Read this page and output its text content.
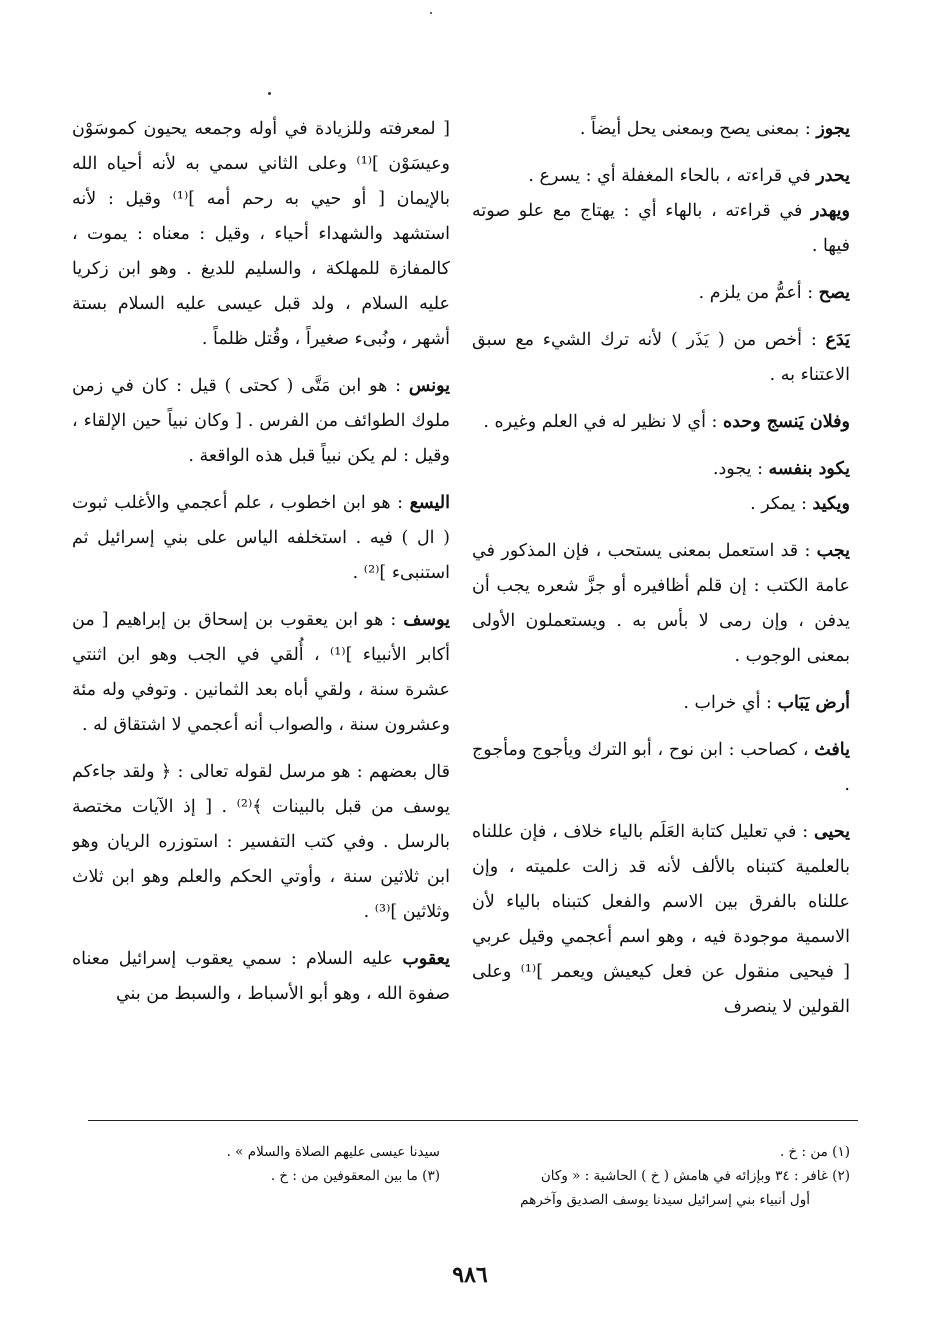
يجوز : بمعنى يصح وبمعنى يحل أيضاً .

يحدر في قراءته ، بالحاء المغفلة أي : يسرع .

ويهدر في قراءته ، بالهاء أي : يهتاج مع علو صوته فيها .

يصح : أعمُّ من يلزم .

يَدَع : أخص من ( يَذَر ) لأنه ترك الشيء مع سبق الاعتناء به .

وفلان يَنسج وحده : أي لا نظير له في العلم وغيره .

يكود بنفسه : يجود.

ويكيد : يمكر .

يجب : قد استعمل بمعنى يستحب ، فإن المذكور في عامة الكتب : إن قلم أظافيره أو جزَّ شعره يجب أن يدفن ، وإن رمى لا بأس به . ويستعملون الأولى بمعنى الوجوب .

أرض يَبَاب : أي خراب .

يافث ، كصاحب : ابن نوح ، أبو الترك ويأجوج ومأجوج .

يحيى : في تعليل كتابة العَلَم بالياء خلاف ، فإن عللناه بالعلمية كتبناه بالألف لأنه قد زالت علميته ، وإن عللناه بالفرق بين الاسم والفعل كتبناه بالياء لأن الاسمية موجودة فيه ، وهو اسم أعجمي وقيل عربي [ فيحيى منقول عن فعل كيعيش ويعمر ]⁽¹⁾ وعلى القولين لا ينصرف

[ لمعرفته وللزيادة في أوله وجمعه يحيون كموسَوْن وعيسَوْن ]⁽¹⁾ وعلى الثاني سمي به لأنه أحياه الله بالإيمان [ أو حيي به رحم أمه ]⁽¹⁾ وقيل : لأنه استشهد والشهداء أحياء ، وقيل : معناه : يموت ، كالمفازة للمهلكة ، والسليم للديغ . وهو ابن زكريا عليه السلام ، ولد قبل عيسى عليه السلام بستة أشهر ، ونُبىء صغيراً ، وقُتل ظلماً .

يونس : هو ابن مَتَّى ( كحتى ) قيل : كان في زمن ملوك الطوائف من الفرس . [ وكان نبياً حين الإلقاء ، وقيل : لم يكن نبياً قبل هذه الواقعة .

اليسع : هو ابن اخطوب ، علم أعجمي والأغلب ثبوت ( ال ) فيه . استخلفه الياس على بني إسرائيل ثم استنبىء ]⁽²⁾ .

يوسف : هو ابن يعقوب بن إسحاق بن إبراهيم [ من أكابر الأنبياء ]⁽¹⁾ ، أُلقي في الجب وهو ابن اثنتي عشرة سنة ، ولقي أباه بعد الثمانين . وتوفي وله مئة وعشرون سنة ، والصواب أنه أعجمي لا اشتقاق له .

قال بعضهم : هو مرسل لقوله تعالى : ﴿ ولقد جاءكم يوسف من قبل بالبينات ﴾⁽²⁾ . [ إذ الآيات مختصة بالرسل . وفي كتب التفسير : استوزره الريان وهو ابن ثلاثين سنة ، وأوتي الحكم والعلم وهو ابن ثلاث وثلاثين ]⁽³⁾ .

يعقوب عليه السلام : سمي يعقوب إسرائيل معناه صفوة الله ، وهو أبو الأسباط ، والسبط من بني

(١) من : خ .
(٢) غافر : ٣٤ وبإزائه في هامش ( خ ) الحاشية : « وكان
أول أنبياء بني إسرائيل سيدنا يوسف الصديق وآخرهم
سيدنا عيسى عليهم الصلاة والسلام » .
(٣) ما بين المعقوفين من : خ .
٩٨٦
